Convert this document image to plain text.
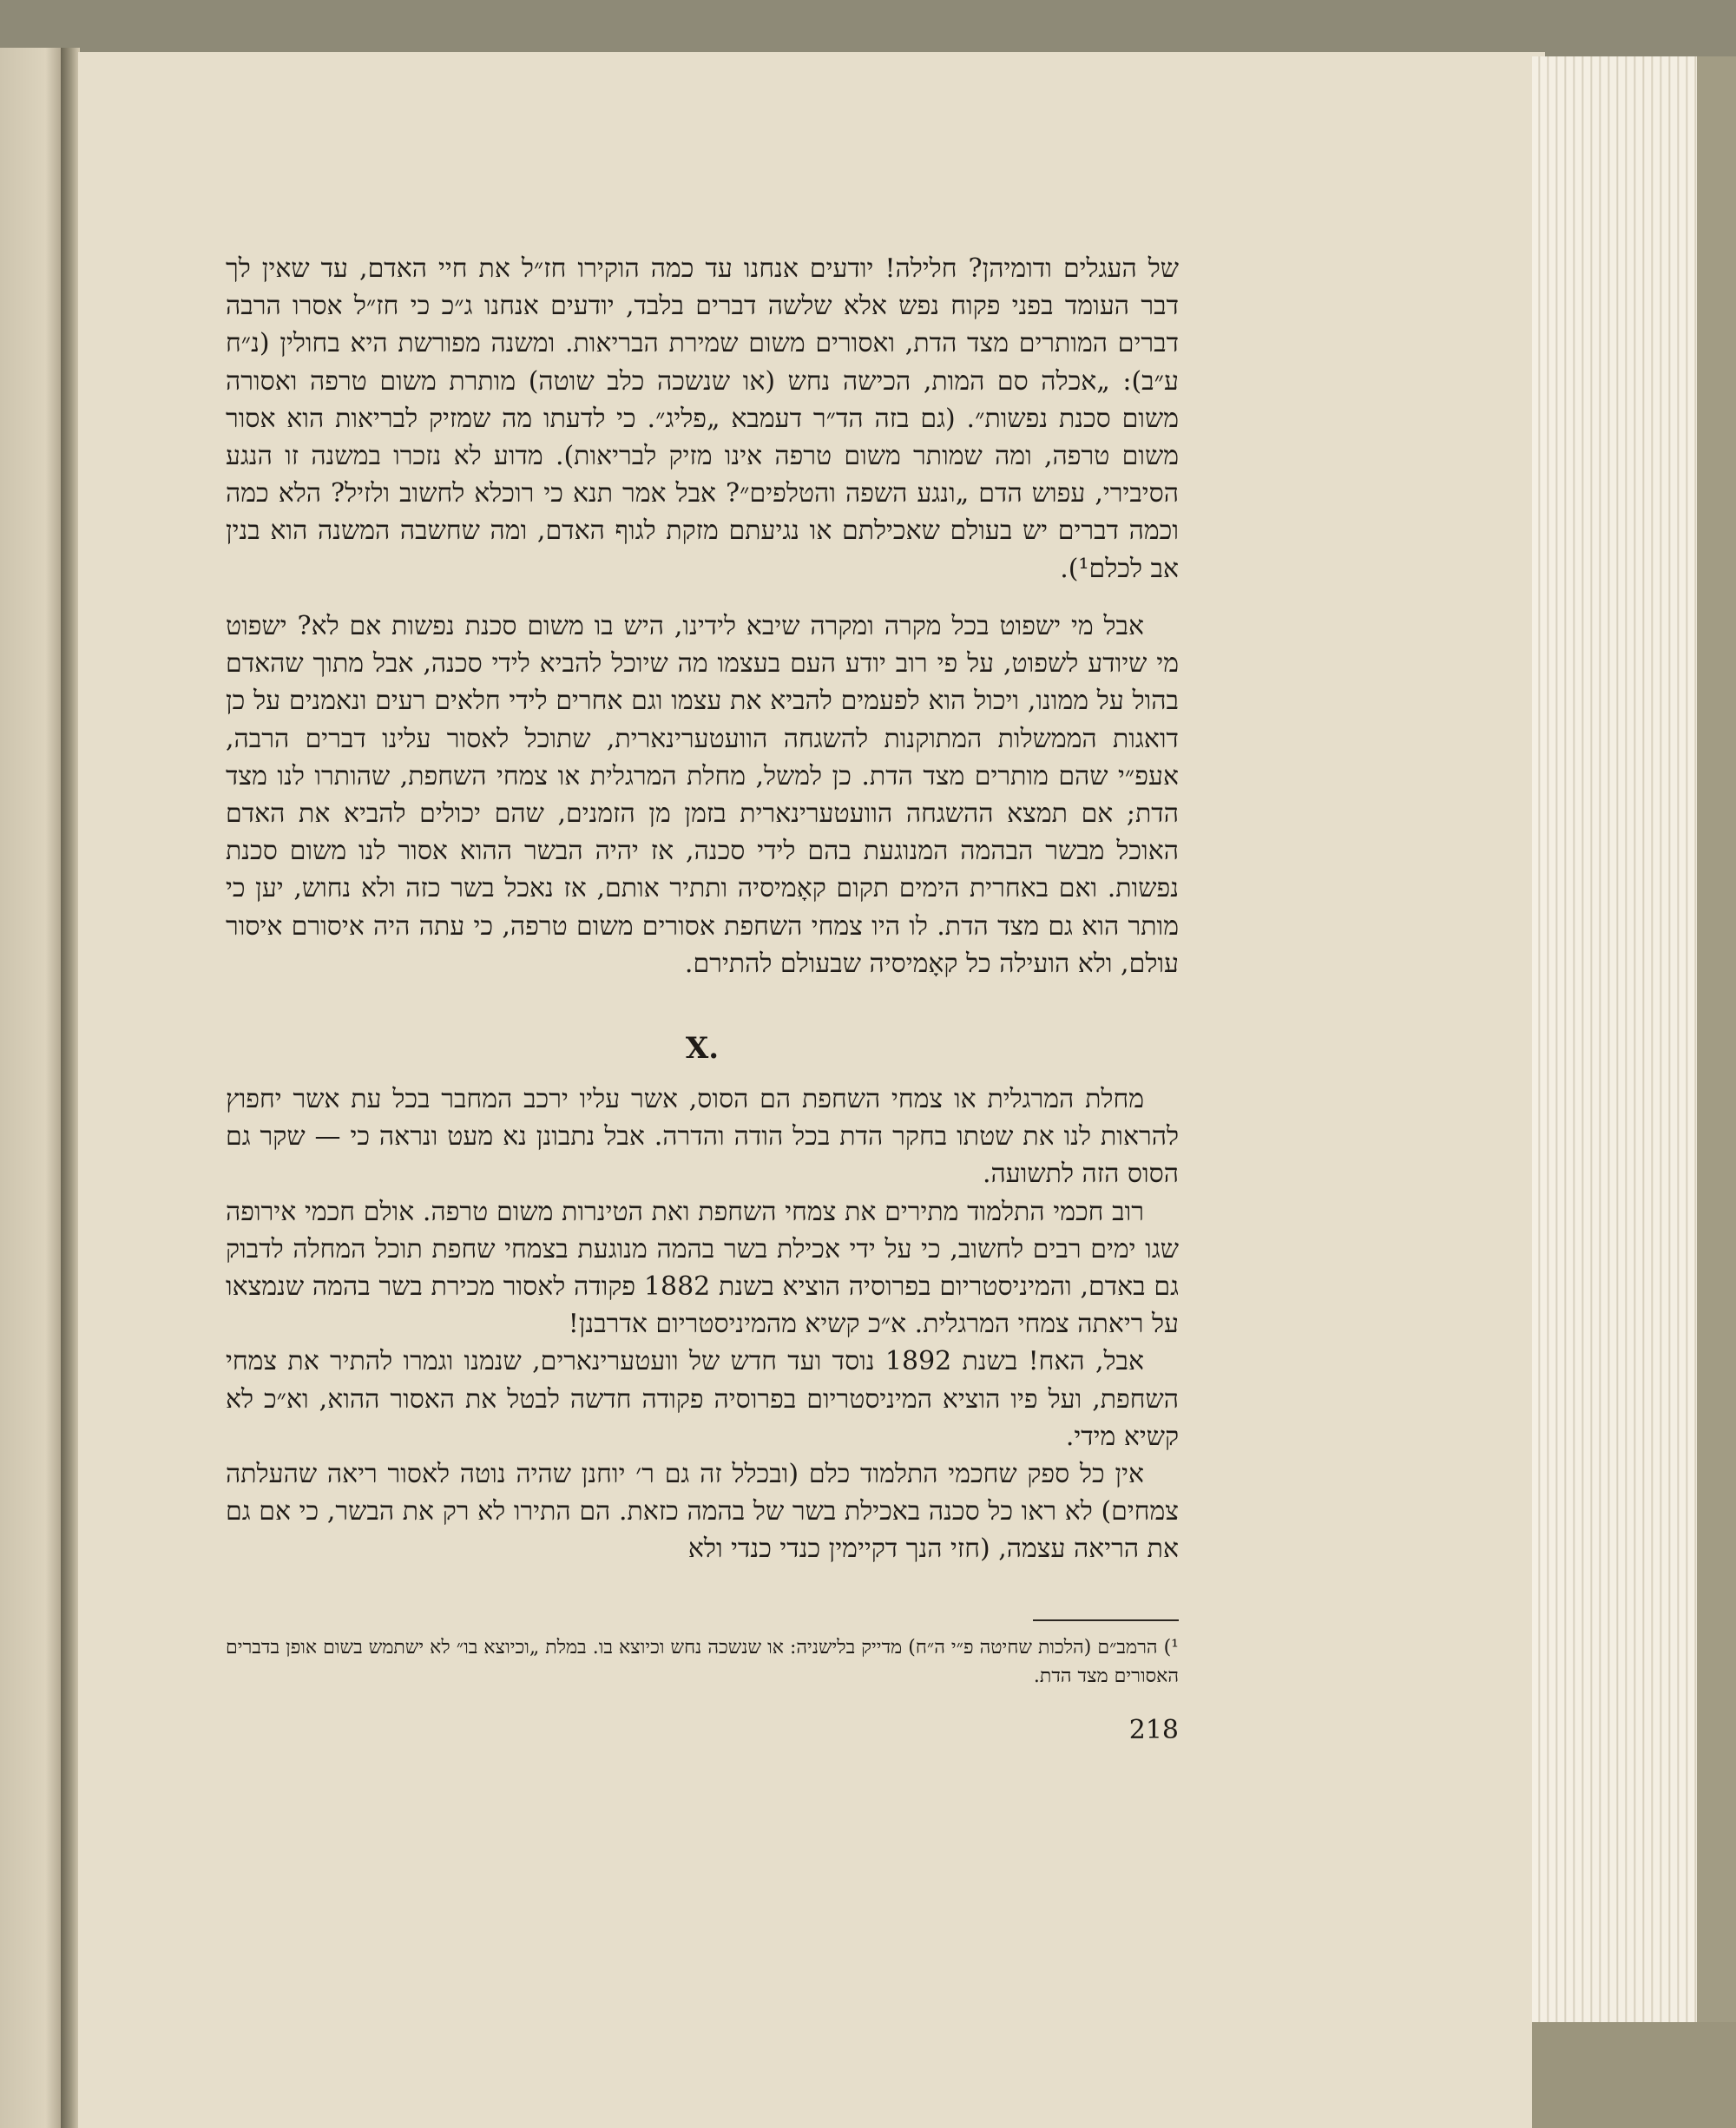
של העגלים ודומיהן? חלילה! יודעים אנחנו עד כמה הוקירו חז״ל את חיי האדם, עד שאין לך דבר העומד בפני פקוח נפש אלא שלשה דברים בלבד, יודעים אנחנו ג״כ כי חז״ל אסרו הרבה דברים המותרים מצד הדת, ואסורים משום שמירת הבריאות. ומשנה מפורשת היא בחולין (נ״ח ע״ב): „אכלה סם המות, הכישה נחש (או שנשכה כלב שוטה) מותרת משום טרפה ואסורה משום סכנת נפשות״. (גם בזה הד״ר דעמבא „פליג״. כי לדעתו מה שמזיק לבריאות הוא אסור משום טרפה, ומה שמותר משום טרפה אינו מזיק לבריאות). מדוע לא נזכרו במשנה זו הנגע הסיבירי, עפוש הדם „ונגע השפה והטלפים״? אבל אמר תנא כי רוכלא לחשוב ולזיל? הלא כמה וכמה דברים יש בעולם שאכילתם או נגיעתם מזקת לגוף האדם, ומה שחשבה המשנה הוא בנין אב לכלם¹).

אבל מי ישפוט בכל מקרה ומקרה שיבא לידינו, היש בו משום סכנת נפשות אם לא? ישפוט מי שיודע לשפוט, על פי רוב יודע העם בעצמו מה שיוכל להביא לידי סכנה, אבל מתוך שהאדם בהול על ממונו, ויכול הוא לפעמים להביא את עצמו וגם אחרים לידי חלאים רעים ונאמנים על כן דואגות הממשלות המתוקנות להשגחה הוועטערינארית, שתוכל לאסור עלינו דברים הרבה, אעפ״י שהם מותרים מצד הדת. כן למשל, מחלת המרגלית או צמחי השחפת, שהותרו לנו מצד הדת; אם תמצא ההשגחה הוועטערינארית בזמן מן הזמנים, שהם יכולים להביא את האדם האוכל מבשר הבהמה המנוגעת בהם לידי סכנה, אז יהיה הבשר ההוא אסור לנו משום סכנת נפשות. ואם באחרית הימים תקום קאָמיסיה ותתיר אותם, אז נאכל בשר כזה ולא נחוש, יען כי מותר הוא גם מצד הדת. לו היו צמחי השחפת אסורים משום טרפה, כי עתה היה איסורם איסור עולם, ולא הועילה כל קאָמיסיה שבעולם להתירם.

X.

מחלת המרגלית או צמחי השחפת הם הסוס, אשר עליו ירכב המחבר בכל עת אשר יחפוץ להראות לנו את שטתו בחקר הדת בכל הודה והדרה. אבל נתבונן נא מעט ונראה כי — שקר גם הסוס הזה לתשועה.

רוב חכמי התלמוד מתירים את צמחי השחפת ואת הטינרות משום טרפה. אולם חכמי אירופה שגו ימים רבים לחשוב, כי על ידי אכילת בשר בהמה מנוגעת בצמחי שחפת תוכל המחלה לדבוק גם באדם, והמיניסטריום בפרוסיה הוציא בשנת 1882 פקודה לאסור מכירת בשר בהמה שנמצאו על ריאתה צמחי המרגלית. א״כ קשיא מהמיניסטריום אדרבנן!

אבל, האח! בשנת 1892 נוסד ועד חדש של וועטערינארים, שנמנו וגמרו להתיר את צמחי השחפת, ועל פיו הוציא המיניסטריום בפרוסיה פקודה חדשה לבטל את האסור ההוא, וא״כ לא קשיא מידי.

אין כל ספק שחכמי התלמוד כלם (ובכלל זה גם ר׳ יוחנן שהיה נוטה לאסור ריאה שהעלתה צמחים) לא ראו כל סכנה באכילת בשר של בהמה כזאת. הם התירו לא רק את הבשר, כי אם גם את הריאה עצמה, (חזי הנך דקיימין כנדי כנדי ולא

¹) הרמב״ם (הלכות שחיטה פ״י ה״ח) מדייק בלישניה: או שנשכה נחש וכיוצא בו. במלת „וכיוצא בו״ לא ישתמש בשום אופן בדברים האסורים מצד הדת.
218
